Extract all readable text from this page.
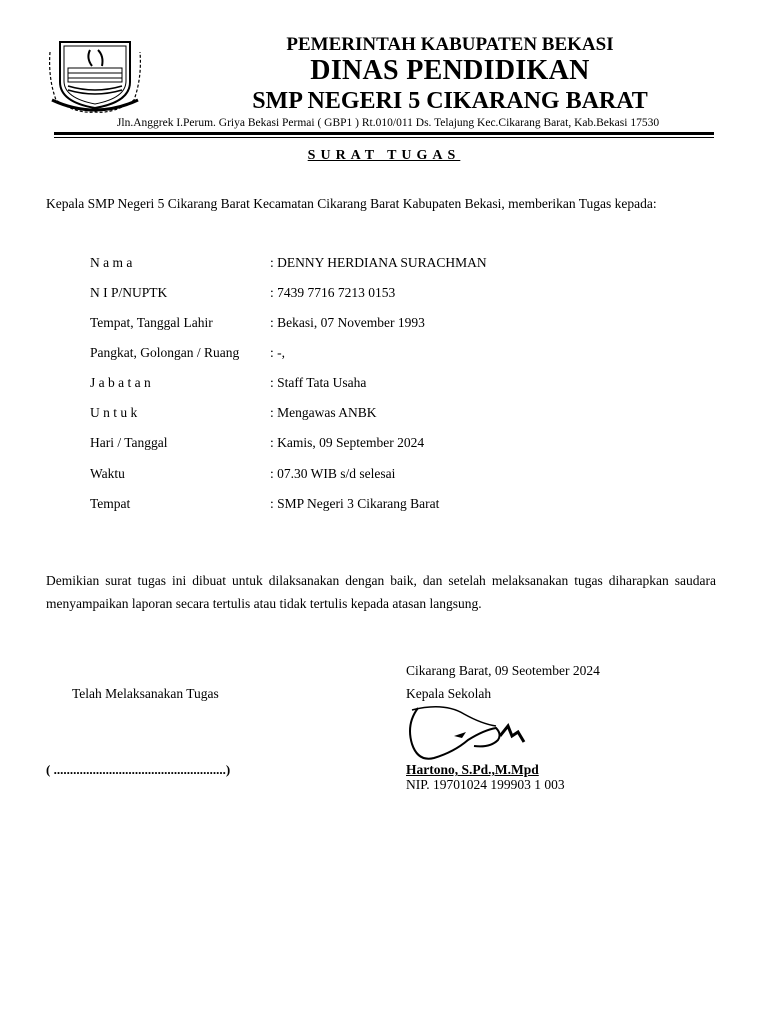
PEMERINTAH KABUPATEN BEKASI
DINAS PENDIDIKAN
SMP NEGERI 5 CIKARANG BARAT
Jln.Anggrek I.Perum. Griya Bekasi Permai ( GBP1 ) Rt.010/011 Ds. Telajung Kec.Cikarang Barat, Kab.Bekasi 17530
SURAT TUGAS
Kepala SMP Negeri 5 Cikarang Barat Kecamatan Cikarang Barat Kabupaten Bekasi, memberikan Tugas kepada:
N a m a	: DENNY HERDIANA SURACHMAN
N I P/NUPTK	: 7439 7716 7213 0153
Tempat, Tanggal Lahir	: Bekasi, 07 November 1993
Pangkat, Golongan / Ruang : -,
J a b a t a n	: Staff Tata Usaha
U n t u k	: Mengawas ANBK
Hari / Tanggal	: Kamis, 09 September 2024
Waktu	: 07.30 WIB s/d selesai
Tempat	: SMP Negeri 3 Cikarang Barat
Demikian surat tugas ini dibuat untuk dilaksanakan dengan baik, dan setelah melaksanakan tugas diharapkan saudara menyampaikan laporan secara tertulis atau tidak tertulis kepada atasan langsung.
Cikarang Barat, 09 Seotember 2024
Telah Melaksanakan Tugas	Kepala Sekolah
( .....................................................)	Hartono, S.Pd.,M.Mpd
NIP. 19701024 199903 1 003
